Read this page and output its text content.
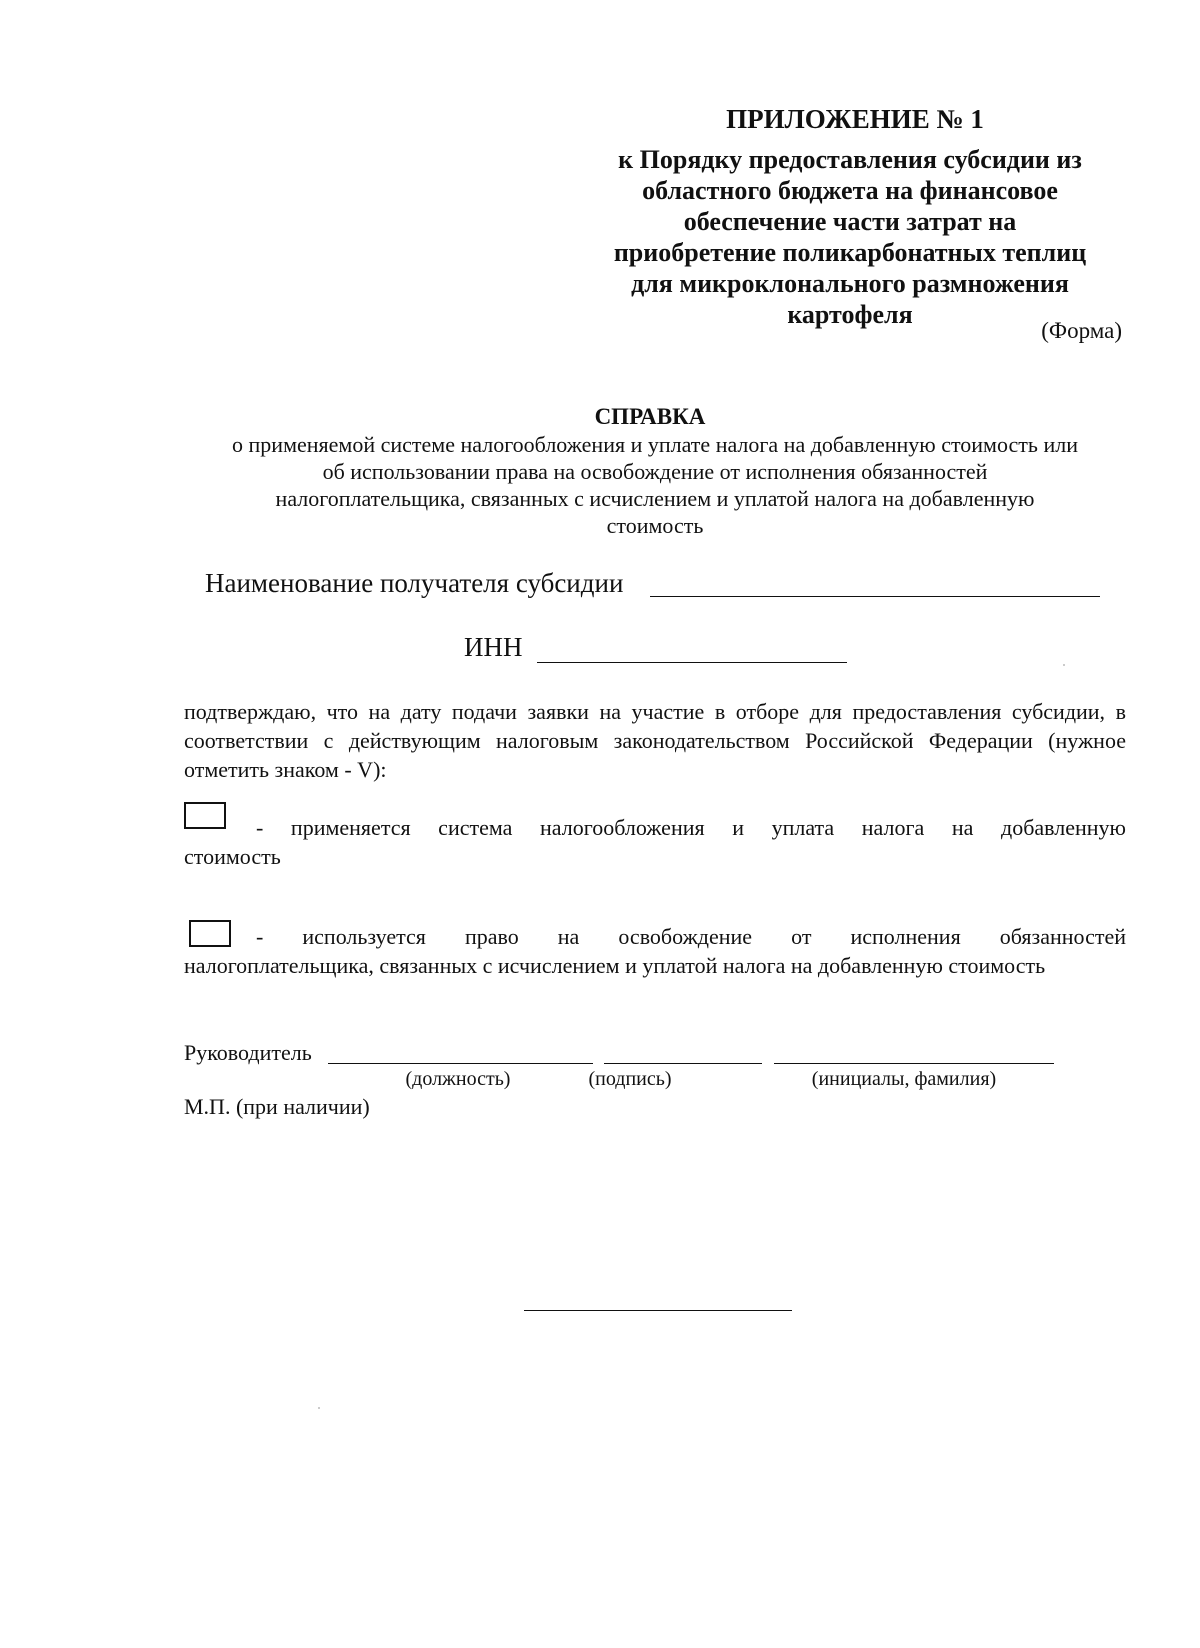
ПРИЛОЖЕНИЕ № 1
к Порядку предоставления субсидии из
областного бюджета на финансовое
обеспечение части затрат на
приобретение поликарбонатных теплиц
для микроклонального размножения
картофеля
(Форма)
СПРАВКА
о применяемой системе налогообложения и уплате налога на добавленную стоимость или
об использовании права на освобождение от исполнения обязанностей
налогоплательщика, связанных с исчислением и уплатой налога на добавленную
стоимость
Наименование получателя субсидии
ИНН
подтверждаю, что на дату подачи заявки на участие в отборе для предоставления субсидии, в соответствии с действующим налоговым законодательством Российской Федерации (нужное отметить знаком - V):
- применяется система налогообложения и уплата налога на добавленную
стоимость
- используется право на освобождение от исполнения обязанностей
налогоплательщика, связанных с исчислением и уплатой налога на добавленную стоимость
Руководитель
(должность)	(подпись)	(инициалы, фамилия)
М.П. (при наличии)
